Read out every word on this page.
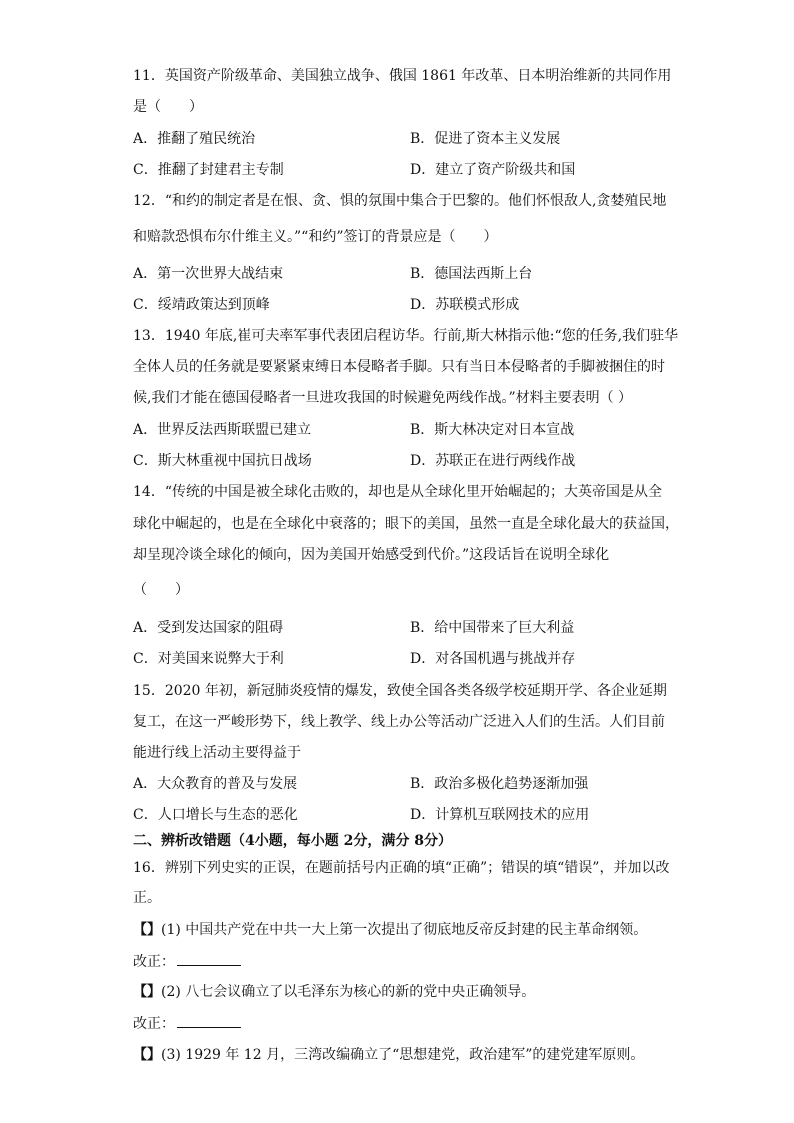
11．英国资产阶级革命、美国独立战争、俄国 1861 年改革、日本明治维新的共同作用
是（　　）
A．推翻了殖民统治	B．促进了资本主义发展
C．推翻了封建君主专制	D．建立了资产阶级共和国
12．“和约的制定者是在恨、贪、惧的氛围中集合于巴黎的。他们怀恨敌人,贪婪殖民地
和赔款恐惧布尔什维主义。”“和约”签订的背景应是（　　）
A．第一次世界大战结束	B．德国法西斯上台
C．绥靖政策达到顶峰	D．苏联模式形成
13．1940 年底,崔可夫率军事代表团启程访华。行前,斯大林指示他:“您的任务,我们驻华
全体人员的任务就是要紧紧束缚日本侵略者手脚。只有当日本侵略者的手脚被捆住的时
候,我们才能在德国侵略者一旦进攻我国的时候避免两线作战。”材料主要表明（ ）
A．世界反法西斯联盟已建立	B．斯大林决定对日本宣战
C．斯大林重视中国抗日战场	D．苏联正在进行两线作战
14．“传统的中国是被全球化击败的，却也是从全球化里开始崛起的；大英帝国是从全
球化中崛起的，也是在全球化中衰落的；眼下的美国，虽然一直是全球化最大的获益国，
却呈现冷谈全球化的倾向，因为美国开始感受到代价。”这段话旨在说明全球化
（　　）
A．受到发达国家的阻碍	B．给中国带来了巨大利益
C．对美国来说弊大于利	D．对各国机遇与挑战并存
15．2020 年初，新冠肺炎疫情的爆发，致使全国各类各级学校延期开学、各企业延期
复工，在这一严峻形势下，线上教学、线上办公等活动广泛进入人们的生活。人们目前
能进行线上活动主要得益于
A．大众教育的普及与发展	B．政治多极化趋势逐渐加强
C．人口增长与生态的恶化	D．计算机互联网技术的应用
二、辨析改错题（4小题，每小题 2分，满分 8分）
16．辨别下列史实的正误，在题前括号内正确的填“正确”；错误的填“错误”，并加以改
正。
【】(1) 中国共产党在中共一大上第一次提出了彻底地反帝反封建的民主革命纲领。
改正：
【】(2) 八七会议确立了以毛泽东为核心的新的党中央正确领导。
改正：
【】(3) 1929 年 12 月，三湾改编确立了“思想建党，政治建军”的建党建军原则。
